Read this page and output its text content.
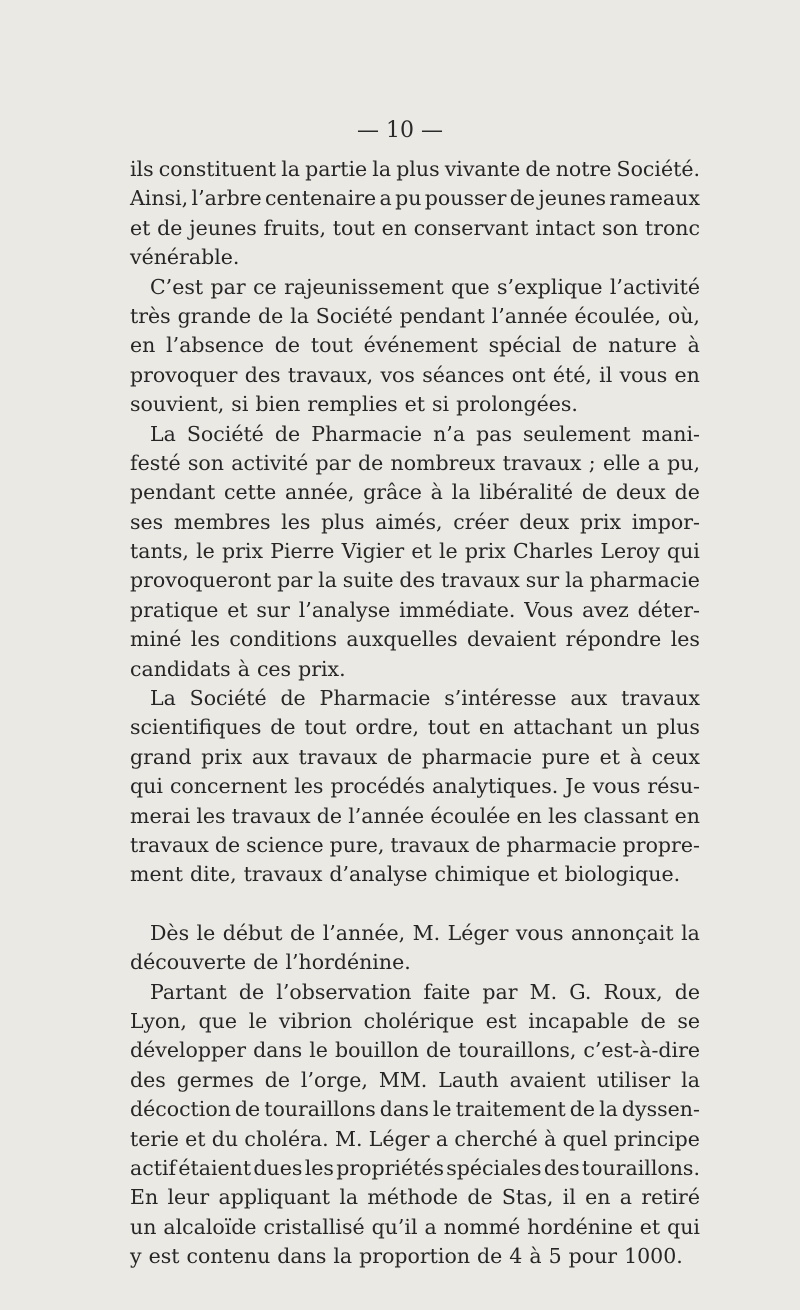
— 10 —
ils constituent la partie la plus vivante de notre Société.
Ainsi, l’arbre centenaire a pu pousser de jeunes rameaux
et de jeunes fruits, tout en conservant intact son tronc
vénérable.
C’est par ce rajeunissement que s’explique l’activité
très grande de la Société pendant l’année écoulée, où,
en l’absence de tout événement spécial de nature à
provoquer des travaux, vos séances ont été, il vous en
souvient, si bien remplies et si prolongées.
La Société de Pharmacie n’a pas seulement mani-
festé son activité par de nombreux travaux ; elle a pu,
pendant cette année, grâce à la libéralité de deux de
ses membres les plus aimés, créer deux prix impor-
tants, le prix Pierre Vigier et le prix Charles Leroy qui
provoqueront par la suite des travaux sur la pharmacie
pratique et sur l’analyse immédiate. Vous avez déter-
miné les conditions auxquelles devaient répondre les
candidats à ces prix.
La Société de Pharmacie s’intéresse aux travaux
scientifiques de tout ordre, tout en attachant un plus
grand prix aux travaux de pharmacie pure et à ceux
qui concernent les procédés analytiques. Je vous résu-
merai les travaux de l’année écoulée en les classant en
travaux de science pure, travaux de pharmacie propre-
ment dite, travaux d’analyse chimique et biologique.
Dès le début de l’année, M. Léger vous annonçait la
découverte de l’hordénine.
Partant de l’observation faite par M. G. Roux, de
Lyon, que le vibrion cholérique est incapable de se
développer dans le bouillon de touraillons, c’est-à-dire
des germes de l’orge, MM. Lauth avaient utiliser la
décoction de touraillons dans le traitement de la dyssen-
terie et du choléra. M. Léger a cherché à quel principe
actif étaient dues les propriétés spéciales des touraillons.
En leur appliquant la méthode de Stas, il en a retiré
un alcaloïde cristallisé qu’il a nommé hordénine et qui
y est contenu dans la proportion de 4 à 5 pour 1000.
